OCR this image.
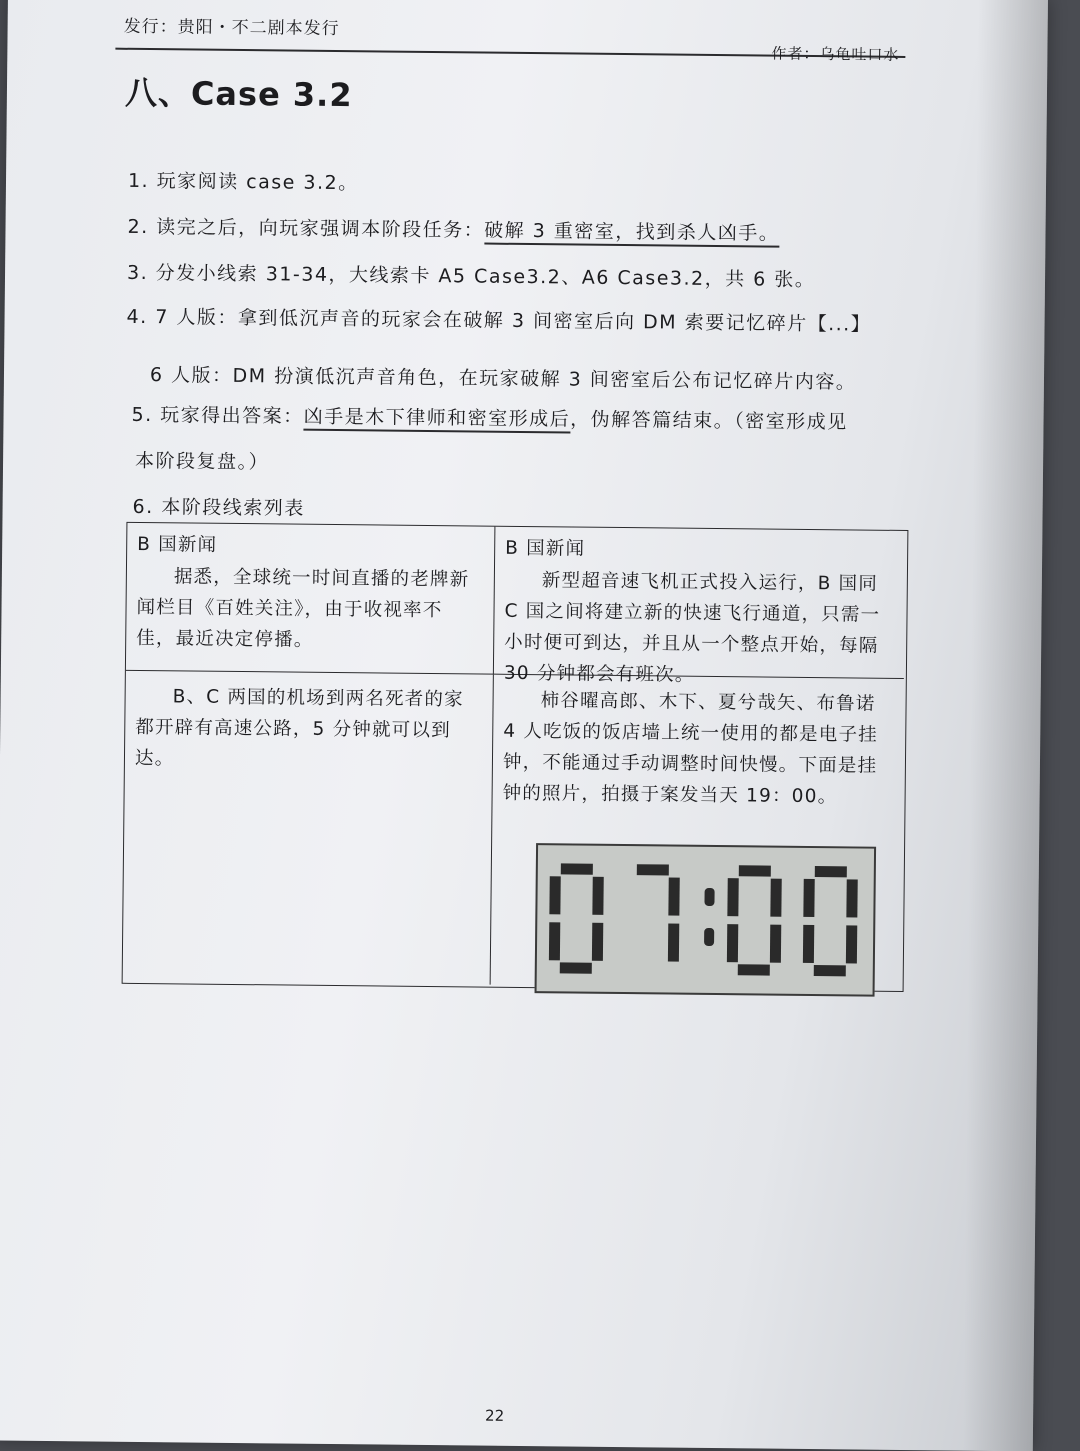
发行：贵阳・不二剧本发行
作者：乌龟吐口水
八、Case 3.2
1. 玩家阅读 case 3.2。
2. 读完之后，向玩家强调本阶段任务：破解 3 重密室，找到杀人凶手。
3. 分发小线索 31-34，大线索卡 A5 Case3.2、A6 Case3.2，共 6 张。
4. 7 人版：拿到低沉声音的玩家会在破解 3 间密室后向 DM 索要记忆碎片【...】
6 人版：DM 扮演低沉声音角色，在玩家破解 3 间密室后公布记忆碎片内容。
5. 玩家得出答案：凶手是木下律师和密室形成后，伪解答篇结束。（密室形成见
本阶段复盘。）
6. 本阶段线索列表
B 国新闻

据悉，全球统一时间直播的老牌新闻栏目《百姓关注》，由于收视率不佳，最近决定停播。

B 国新闻

新型超音速飞机正式投入运行，B 国同 C 国之间将建立新的快速飞行通道，只需一小时便可到达，并且从一个整点开始，每隔 30 分钟都会有班次。

B、C 两国的机场到两名死者的家都开辟有高速公路，5 分钟就可以到达。

柿谷曜高郎、木下、夏兮哉矢、布鲁诺 4 人吃饭的饭店墙上统一使用的都是电子挂钟，不能通过手动调整时间快慢。下面是挂钟的照片，拍摄于案发当天 19：00。

22
